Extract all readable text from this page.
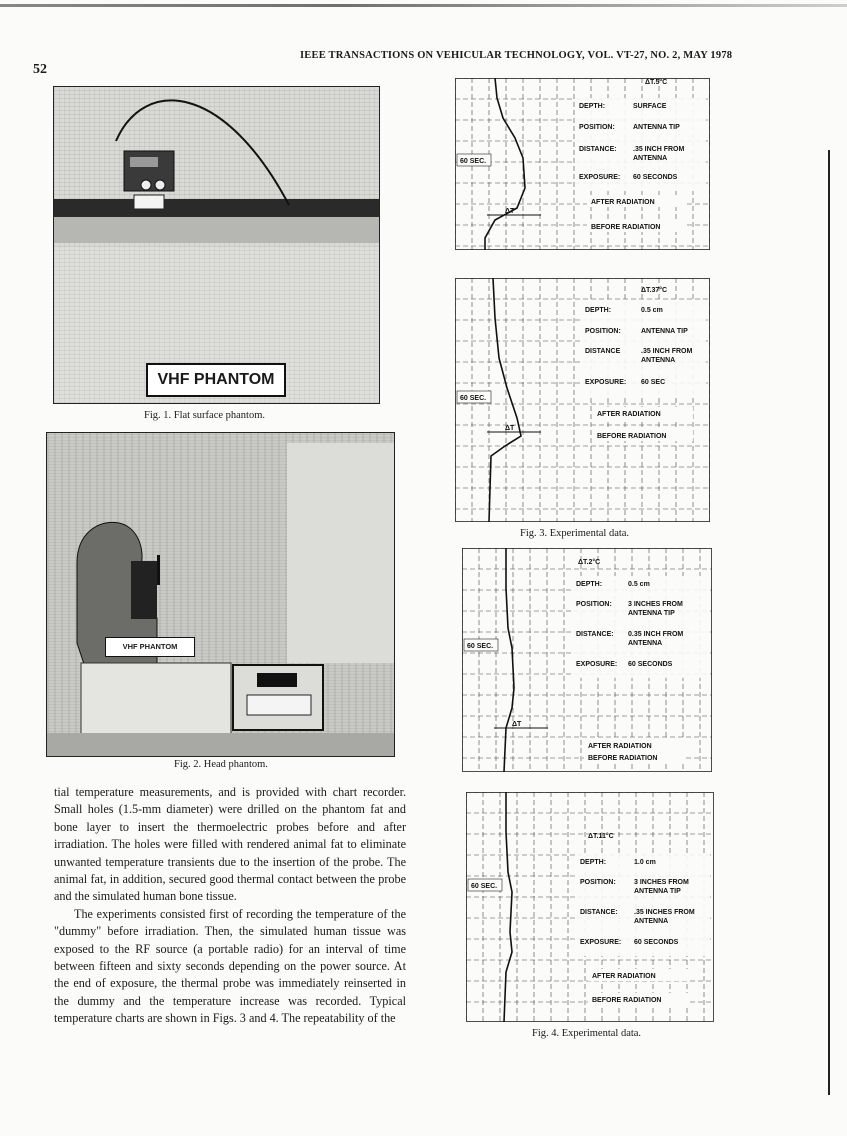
52
IEEE TRANSACTIONS ON VEHICULAR TECHNOLOGY, VOL. VT-27, NO. 2, MAY 1978
VHF PHANTOM
Fig. 1. Flat surface phantom.
VHF PHANTOM
Fig. 2. Head phantom.

tial temperature measurements, and is provided with chart recorder. Small holes (1.5-mm diameter) were drilled on the phantom fat and bone layer to insert the thermoelectric probes before and after irradiation. The holes were filled with rendered animal fat to eliminate unwanted temperature transients due to the insertion of the probe. The animal fat, in addition, secured good thermal contact between the probe and the simulated human bone tissue.

The experiments consisted first of recording the temperature of the "dummy" before irradiation. Then, the simulated human tissue was exposed to the RF source (a portable radio) for an interval of time between fifteen and sixty seconds depending on the power source. At the end of exposure, the thermal probe was immediately reinserted in the dummy and the temperature increase was recorded. Typical temperature charts are shown in Figs. 3 and 4. The repeatability of the

ΔT.5°C
60 SEC.
DEPTH:	SURFACE
POSITION:	ANTENNA TIP
DISTANCE: .35 INCH FROM
ANTENNA
EXPOSURE: 60 SECONDS
AFTER RADIATION
BEFORE RADIATION
ΔT
ΔT.37°C
60 SEC.
DEPTH:	0.5 cm
POSITION:	ANTENNA TIP
DISTANCE	.35 INCH FROM
ANTENNA
EXPOSURE: 60 SEC
AFTER RADIATION
BEFORE RADIATION
ΔT
Fig. 3. Experimental data.
ΔT.2°C
60 SEC.
DEPTH:	0.5 cm
POSITION: 3 INCHES FROM
ANTENNA TIP
DISTANCE: 0.35 INCH FROM
ANTENNA
EXPOSURE: 60 SECONDS
AFTER RADIATION
BEFORE RADIATION
ΔT
ΔT.11°C
60 SEC.
DEPTH:	1.0 cm
POSITION:	3 INCHES FROM
ANTENNA TIP
DISTANCE: .35 INCHES FROM
ANTENNA
EXPOSURE: 60 SECONDS
AFTER RADIATION
BEFORE RADIATION
Fig. 4. Experimental data.
